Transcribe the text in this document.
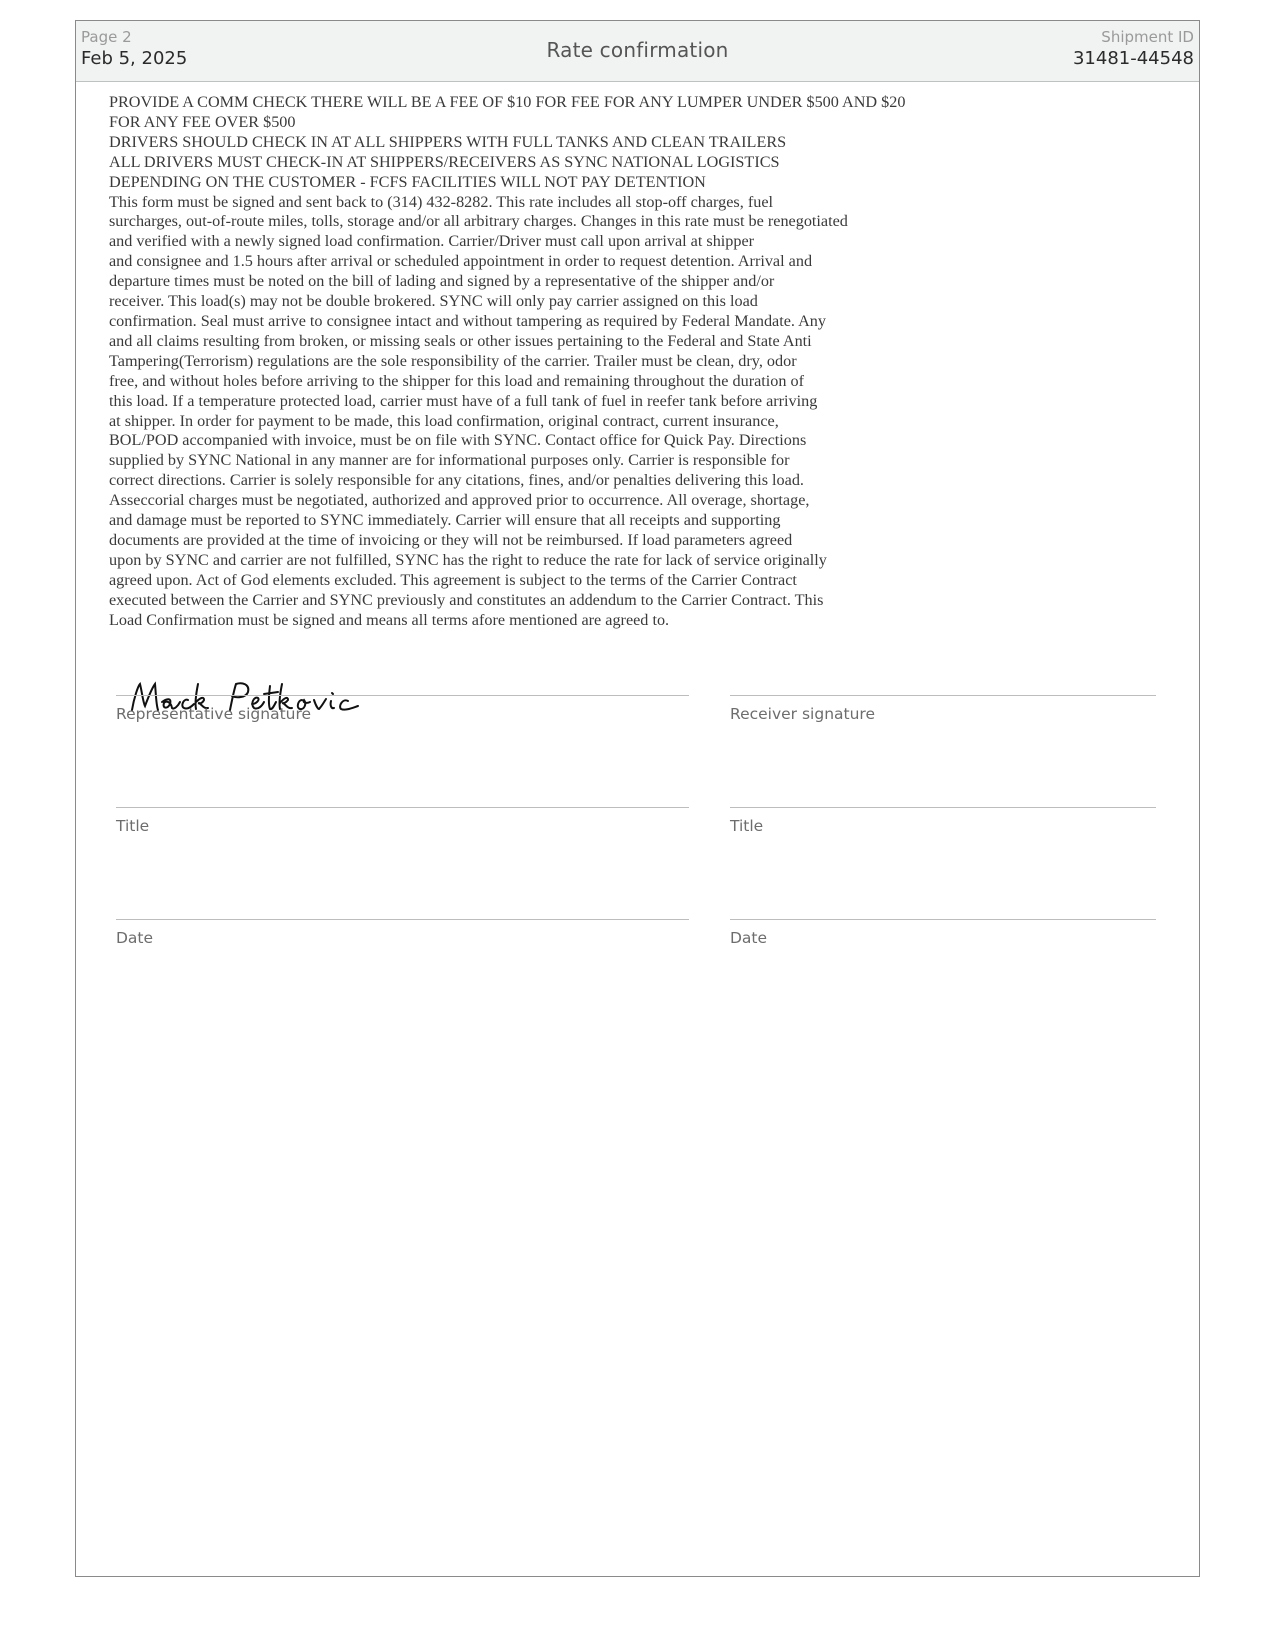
Page 2
Feb 5, 2025	Rate confirmation
Shipment ID
31481-44548
PROVIDE A COMM CHECK THERE WILL BE A FEE OF $10 FOR FEE FOR ANY LUMPER UNDER $500 AND $20
FOR ANY FEE OVER $500
DRIVERS SHOULD CHECK IN AT ALL SHIPPERS WITH FULL TANKS AND CLEAN TRAILERS
ALL DRIVERS MUST CHECK-IN AT SHIPPERS/RECEIVERS AS SYNC NATIONAL LOGISTICS
DEPENDING ON THE CUSTOMER - FCFS FACILITIES WILL NOT PAY DETENTION
This form must be signed and sent back to (314) 432-8282. This rate includes all stop-off charges, fuel
surcharges, out-of-route miles, tolls, storage and/or all arbitrary charges. Changes in this rate must be renegotiated
and verified with a newly signed load confirmation. Carrier/Driver must call upon arrival at shipper
and consignee and 1.5 hours after arrival or scheduled appointment in order to request detention. Arrival and
departure times must be noted on the bill of lading and signed by a representative of the shipper and/or
receiver. This load(s) may not be double brokered. SYNC will only pay carrier assigned on this load
confirmation. Seal must arrive to consignee intact and without tampering as required by Federal Mandate. Any
and all claims resulting from broken, or missing seals or other issues pertaining to the Federal and State Anti
Tampering(Terrorism) regulations are the sole responsibility of the carrier. Trailer must be clean, dry, odor
free, and without holes before arriving to the shipper for this load and remaining throughout the duration of
this load. If a temperature protected load, carrier must have of a full tank of fuel in reefer tank before arriving
at shipper. In order for payment to be made, this load confirmation, original contract, current insurance,
BOL/POD accompanied with invoice, must be on file with SYNC. Contact office for Quick Pay. Directions
supplied by SYNC National in any manner are for informational purposes only. Carrier is responsible for
correct directions. Carrier is solely responsible for any citations, fines, and/or penalties delivering this load.
Asseccorial charges must be negotiated, authorized and approved prior to occurrence. All overage, shortage,
and damage must be reported to SYNC immediately. Carrier will ensure that all receipts and supporting
documents are provided at the time of invoicing or they will not be reimbursed. If load parameters agreed
upon by SYNC and carrier are not fulfilled, SYNC has the right to reduce the rate for lack of service originally
agreed upon. Act of God elements excluded. This agreement is subject to the terms of the Carrier Contract
executed between the Carrier and SYNC previously and constitutes an addendum to the Carrier Contract. This
Load Confirmation must be signed and means all terms afore mentioned are agreed to.
Representative signature	Receiver signature
Title	Title
Date	Date
